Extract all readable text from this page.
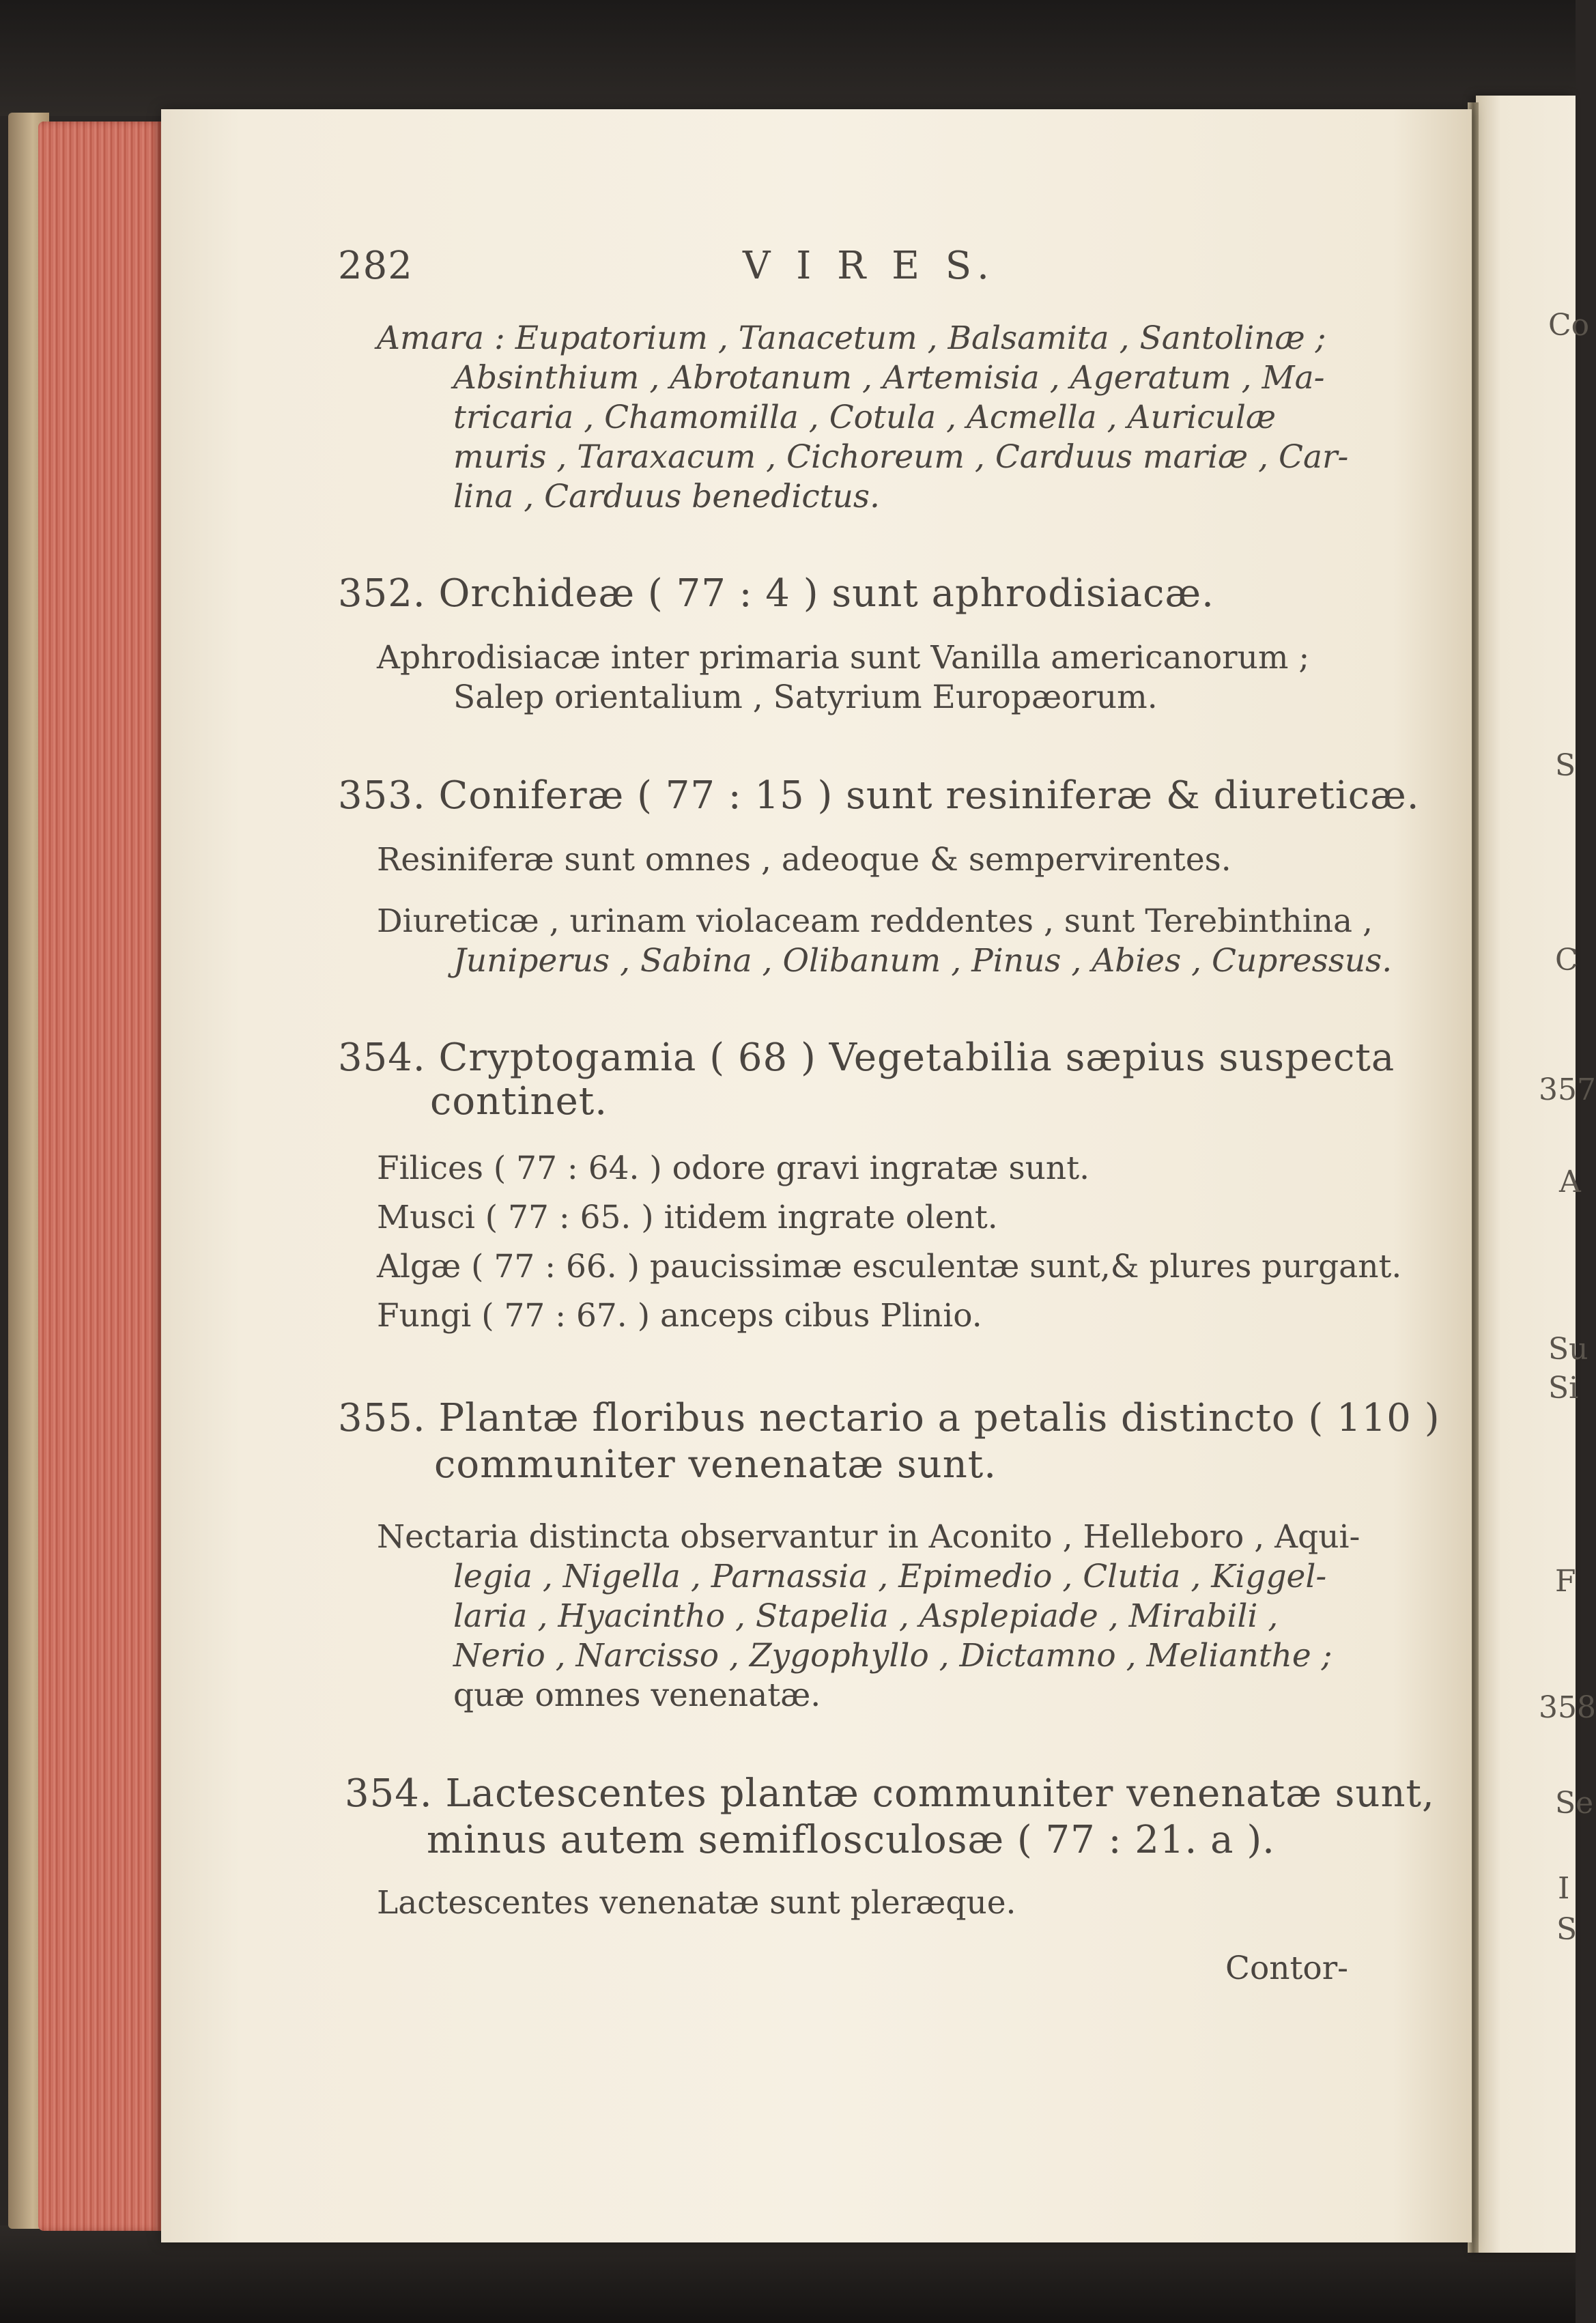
282	V I R E S.
Amara : Eupatorium , Tanacetum , Balsamita , Santolinæ ;
Absinthium , Abrotanum , Artemisia , Ageratum , Ma-
tricaria , Chamomilla , Cotula , Acmella , Auriculæ
muris , Taraxacum , Cichoreum , Carduus mariæ , Car-
lina , Carduus benedictus.
352. Orchideæ ( 77 : 4 ) sunt aphrodisiacæ.
Aphrodisiacæ inter primaria sunt Vanilla americanorum ;
Salep orientalium , Satyrium Europæorum.
353. Coniferæ ( 77 : 15 ) sunt resiniferæ & diureticæ.
Resiniferæ sunt omnes , adeoque & sempervirentes.
Diureticæ , urinam violaceam reddentes , sunt Terebinthina ,
Juniperus , Sabina , Olibanum , Pinus , Abies , Cupressus.
354. Cryptogamia ( 68 ) Vegetabilia sæpius suspecta
continet.
Filices ( 77 : 64. ) odore gravi ingratæ sunt.
Musci ( 77 : 65. ) itidem ingrate olent.
Algæ ( 77 : 66. ) paucissimæ esculentæ sunt,& plures purgant.
Fungi ( 77 : 67. ) anceps cibus Plinio.
355. Plantæ floribus nectario a petalis distincto ( 110 )
communiter venenatæ sunt.
Nectaria distincta observantur in Aconito , Helleboro , Aqui-
legia , Nigella , Parnassia , Epimedio , Clutia , Kiggel-
laria , Hyacintho , Stapelia , Asplepiade , Mirabili ,
Nerio , Narcisso , Zygophyllo , Dictamno , Melianthe ;
quæ omnes venenatæ.
354. Lactescentes plantæ communiter venenatæ sunt,
minus autem semiflosculosæ ( 77 : 21. a ).
Lactescentes venenatæ sunt pleræque.
Contor-
Co
S
C
357
A
Su
Si
F
358
Se
I
S
